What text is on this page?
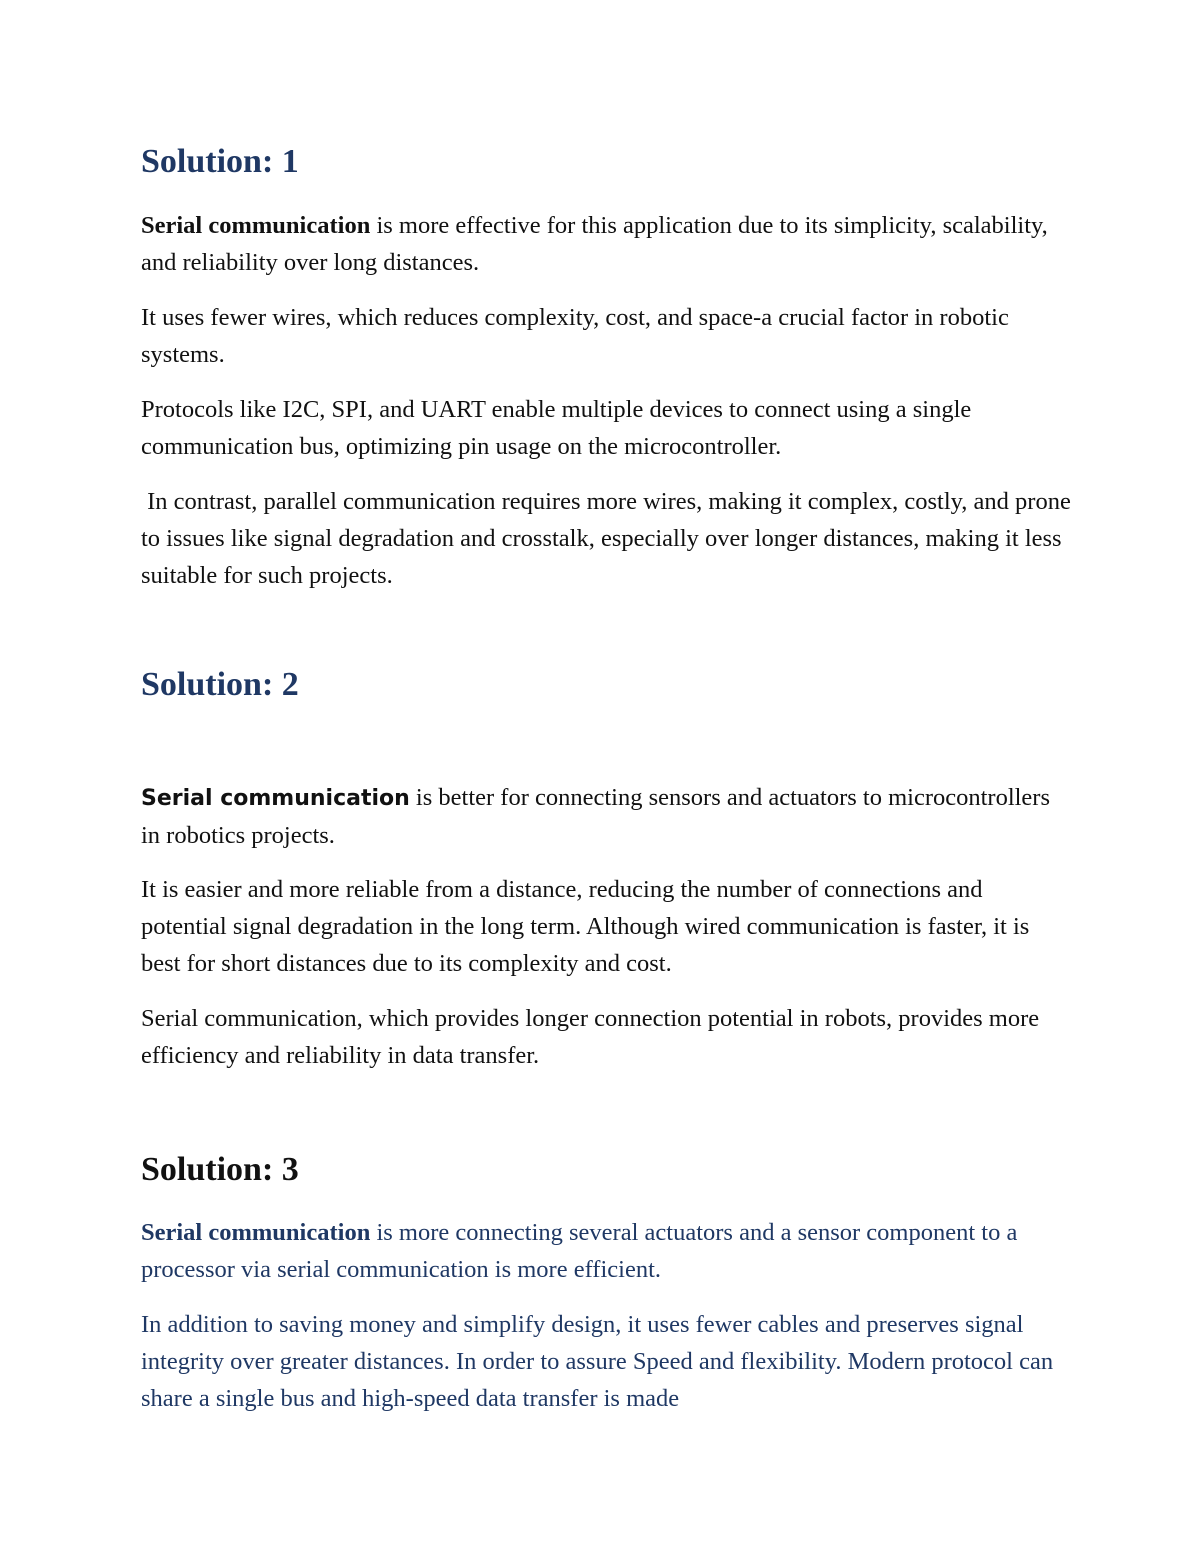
Solution: 1

Serial communication is more effective for this application due to its simplicity, scalability, and reliability over long distances.

It uses fewer wires, which reduces complexity, cost, and space-a crucial factor in robotic systems.

Protocols like I2C, SPI, and UART enable multiple devices to connect using a single communication bus, optimizing pin usage on the microcontroller.

In contrast, parallel communication requires more wires, making it complex, costly, and prone to issues like signal degradation and crosstalk, especially over longer distances, making it less suitable for such projects.

Solution: 2

Serial communication is better for connecting sensors and actuators to microcontrollers in robotics projects.

It is easier and more reliable from a distance, reducing the number of connections and potential signal degradation in the long term. Although wired communication is faster, it is best for short distances due to its complexity and cost.

Serial communication, which provides longer connection potential in robots, provides more efficiency and reliability in data transfer.

Solution: 3

Serial communication is more connecting several actuators and a sensor component to a processor via serial communication is more efficient.

In addition to saving money and simplify design, it uses fewer cables and preserves signal integrity over greater distances. In order to assure Speed and flexibility. Modern protocol can share a single bus and high-speed data transfer is made
